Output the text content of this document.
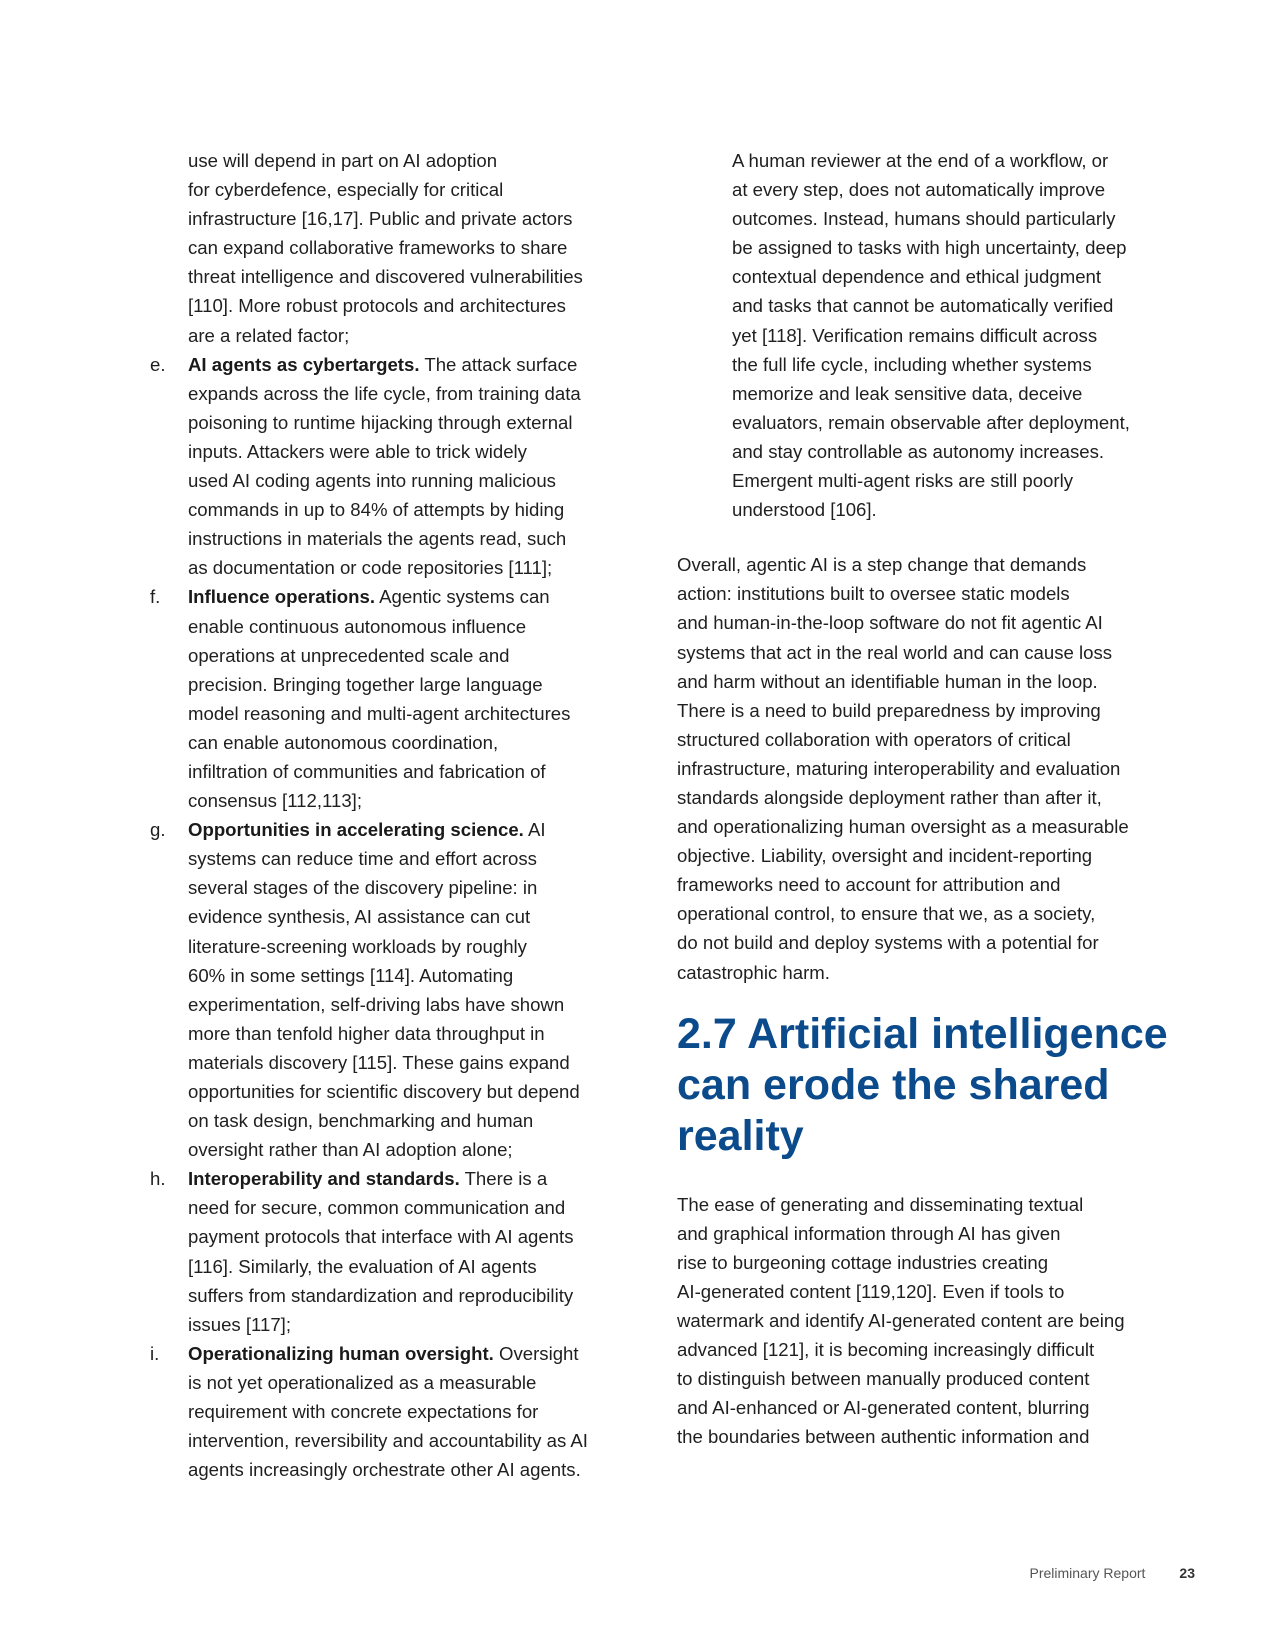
use will depend in part on AI adoption
for cyberdefence, especially for critical
infrastructure [16,17]. Public and private actors
can expand collaborative frameworks to share
threat intelligence and discovered vulnerabilities
[110]. More robust protocols and architectures
are a related factor;
e. AI agents as cybertargets. The attack surface
expands across the life cycle, from training data
poisoning to runtime hijacking through external
inputs. Attackers were able to trick widely
used AI coding agents into running malicious
commands in up to 84% of attempts by hiding
instructions in materials the agents read, such
as documentation or code repositories [111];
f. Influence operations. Agentic systems can
enable continuous autonomous influence
operations at unprecedented scale and
precision. Bringing together large language
model reasoning and multi-agent architectures
can enable autonomous coordination,
infiltration of communities and fabrication of
consensus [112,113];
g. Opportunities in accelerating science. AI
systems can reduce time and effort across
several stages of the discovery pipeline: in
evidence synthesis, AI assistance can cut
literature-screening workloads by roughly
60% in some settings [114]. Automating
experimentation, self-driving labs have shown
more than tenfold higher data throughput in
materials discovery [115]. These gains expand
opportunities for scientific discovery but depend
on task design, benchmarking and human
oversight rather than AI adoption alone;
h. Interoperability and standards. There is a
need for secure, common communication and
payment protocols that interface with AI agents
[116]. Similarly, the evaluation of AI agents
suffers from standardization and reproducibility
issues [117];
i. Operationalizing human oversight. Oversight
is not yet operationalized as a measurable
requirement with concrete expectations for
intervention, reversibility and accountability as AI
agents increasingly orchestrate other AI agents.
A human reviewer at the end of a workflow, or
at every step, does not automatically improve
outcomes. Instead, humans should particularly
be assigned to tasks with high uncertainty, deep
contextual dependence and ethical judgment
and tasks that cannot be automatically verified
yet [118]. Verification remains difficult across
the full life cycle, including whether systems
memorize and leak sensitive data, deceive
evaluators, remain observable after deployment,
and stay controllable as autonomy increases.
Emergent multi-agent risks are still poorly
understood [106].
Overall, agentic AI is a step change that demands
action: institutions built to oversee static models
and human-in-the-loop software do not fit agentic AI
systems that act in the real world and can cause loss
and harm without an identifiable human in the loop.
There is a need to build preparedness by improving
structured collaboration with operators of critical
infrastructure, maturing interoperability and evaluation
standards alongside deployment rather than after it,
and operationalizing human oversight as a measurable
objective. Liability, oversight and incident-reporting
frameworks need to account for attribution and
operational control, to ensure that we, as a society,
do not build and deploy systems with a potential for
catastrophic harm.
2.7 Artificial intelligence
can erode the shared
reality
The ease of generating and disseminating textual
and graphical information through AI has given
rise to burgeoning cottage industries creating
AI-generated content [119,120]. Even if tools to
watermark and identify AI-generated content are being
advanced [121], it is becoming increasingly difficult
to distinguish between manually produced content
and AI-enhanced or AI-generated content, blurring
the boundaries between authentic information and
Preliminary Report 23
